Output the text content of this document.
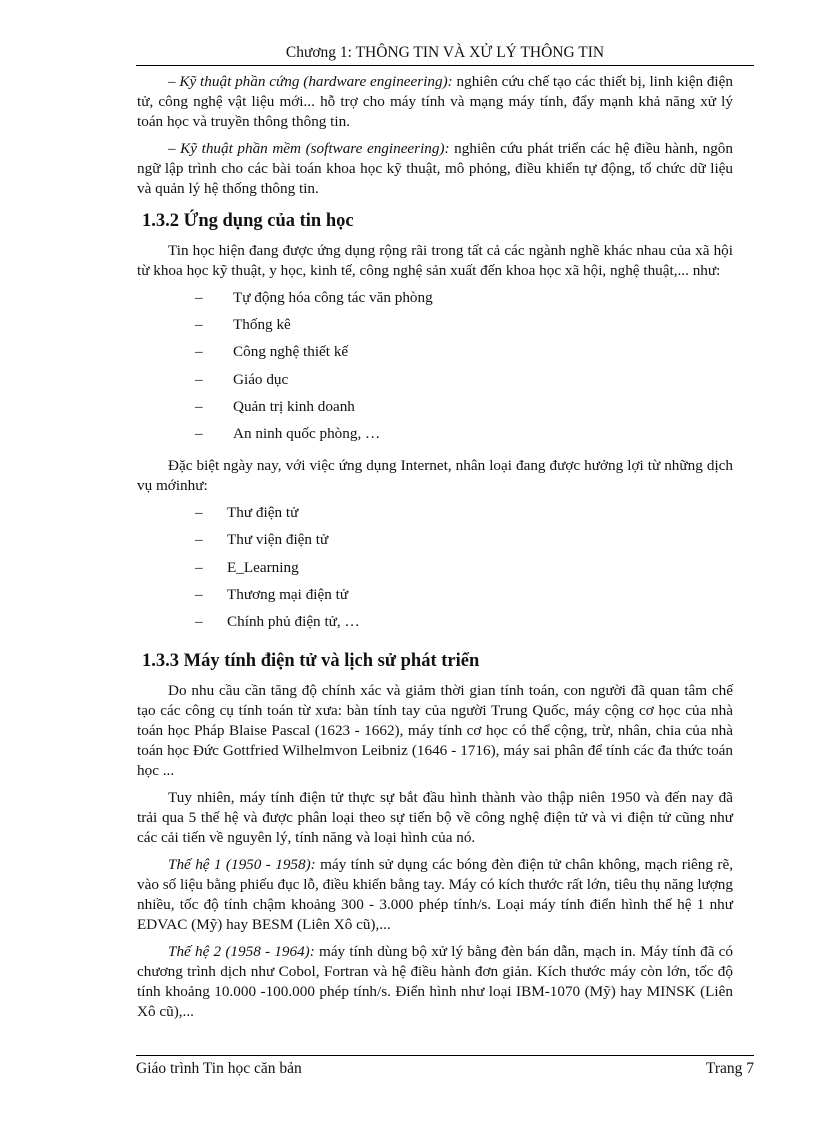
Chương 1: THÔNG TIN VÀ XỬ LÝ THÔNG TIN

– Kỹ thuật phần cứng (hardware engineering): nghiên cứu chế tạo các thiết bị, linh kiện điện tử, công nghệ vật liệu mới... hỗ trợ cho máy tính và mạng máy tính, đẩy mạnh khả năng xử lý toán học và truyền thông thông tin.

– Kỹ thuật phần mềm (software engineering): nghiên cứu phát triển các hệ điều hành, ngôn ngữ lập trình cho các bài toán khoa học kỹ thuật, mô phỏng, điều khiển tự động, tổ chức dữ liệu và quản lý hệ thống thông tin.

1.3.2 Ứng dụng của tin học

Tin học hiện đang được ứng dụng rộng rãi trong tất cả các ngành nghề khác nhau của xã hội từ khoa học kỹ thuật, y học, kinh tế, công nghệ sản xuất đến khoa học xã hội, nghệ thuật,... như:

– Tự động hóa công tác văn phòng
– Thống kê
– Công nghệ thiết kế
– Giáo dục
– Quản trị kinh doanh
– An ninh quốc phòng, …

Đặc biệt ngày nay, với việc ứng dụng Internet, nhân loại đang được hưởng lợi từ những dịch vụ mớinhư:

– Thư điện tử
– Thư viện điện tử
– E_Learning
– Thương mại điện tử
– Chính phủ điện tử, …
1.3.3 Máy tính điện tử và lịch sử phát triển

Do nhu cầu cần tăng độ chính xác và giảm thời gian tính toán, con người đã quan tâm chế tạo các công cụ tính toán từ xưa: bàn tính tay của người Trung Quốc, máy cộng cơ học của nhà toán học Pháp Blaise Pascal (1623 - 1662), máy tính cơ học có thể cộng, trừ, nhân, chia của nhà toán học Đức Gottfried Wilhelmvon Leibniz (1646 - 1716), máy sai phân để tính các đa thức toán học ...

Tuy nhiên, máy tính điện tử thực sự bắt đầu hình thành vào thập niên 1950 và đến nay đã trải qua 5 thế hệ và được phân loại theo sự tiến bộ về công nghệ điện tử và vi điện tử cũng như các cải tiến về nguyên lý, tính năng và loại hình của nó.

Thế hệ 1 (1950 - 1958): máy tính sử dụng các bóng đèn điện tử chân không, mạch riêng rẽ, vào số liệu bằng phiếu đục lỗ, điều khiển bằng tay. Máy có kích thước rất lớn, tiêu thụ năng lượng nhiều, tốc độ tính chậm khoảng 300 - 3.000 phép tính/s. Loại máy tính điển hình thế hệ 1 như EDVAC (Mỹ) hay BESM (Liên Xô cũ),...

Thế hệ 2 (1958 - 1964): máy tính dùng bộ xử lý bằng đèn bán dẫn, mạch in. Máy tính đã có chương trình dịch như Cobol, Fortran và hệ điều hành đơn giản. Kích thước máy còn lớn, tốc độ tính khoảng 10.000 -100.000 phép tính/s. Điển hình như loại IBM-1070 (Mỹ) hay MINSK (Liên Xô cũ),...

Giáo trình Tin học căn bản	Trang 7
